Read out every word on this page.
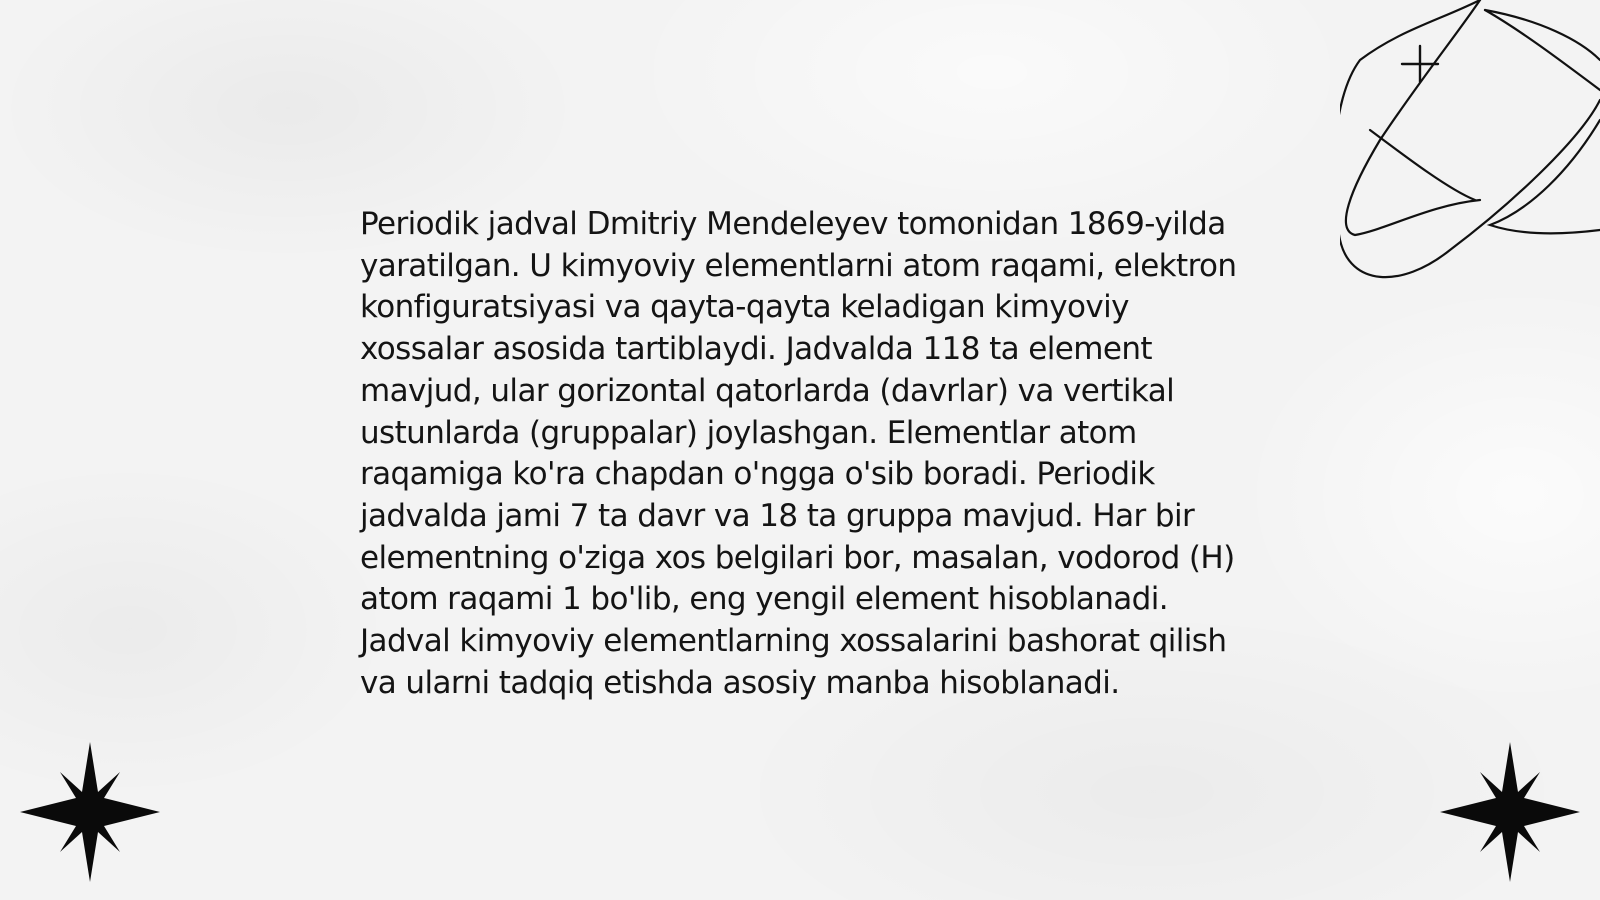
Periodik jadval Dmitriy Mendeleyev tomonidan 1869-yilda yaratilgan. U kimyoviy elementlarni atom raqami, elektron konfiguratsiyasi va qayta-qayta keladigan kimyoviy xossalar asosida tartiblaydi. Jadvalda 118 ta element mavjud, ular gorizontal qatorlarda (davrlar) va vertikal ustunlarda (gruppalar) joylashgan. Elementlar atom raqamiga ko'ra chapdan o'ngga o'sib boradi. Periodik jadvalda jami 7 ta davr va 18 ta gruppa mavjud. Har bir elementning o'ziga xos belgilari bor, masalan, vodorod (H) atom raqami 1 bo'lib, eng yengil element hisoblanadi. Jadval kimyoviy elementlarning xossalarini bashorat qilish va ularni tadqiq etishda asosiy manba hisoblanadi.
